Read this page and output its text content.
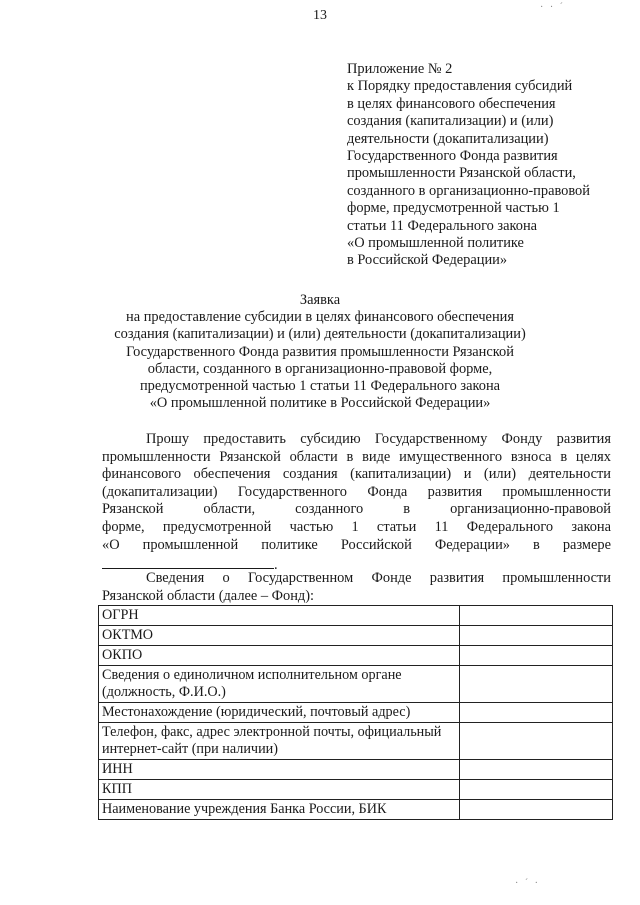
13
Приложение № 2
к Порядку предоставления субсидий
в целях финансового обеспечения
создания (капитализации) и (или)
деятельности (докапитализации)
Государственного Фонда развития
промышленности Рязанской области,
созданного в организационно-правовой
форме, предусмотренной частью 1
статьи 11 Федерального закона
«О промышленной политике
в Российской Федерации»
Заявка
на предоставление субсидии в целях финансового обеспечения
создания (капитализации) и (или) деятельности (докапитализации)
Государственного Фонда развития промышленности Рязанской
области, созданного в организационно-правовой форме,
предусмотренной частью 1 статьи 11 Федерального закона
«О промышленной политике в Российской Федерации»
Прошу предоставить субсидию Государственному Фонду развития
промышленности Рязанской области в виде имущественного взноса в целях
финансового обеспечения создания (капитализации) и (или) деятельности
(докапитализации) Государственного Фонда развития промышленности
Рязанской области, созданного в организационно-правовой
форме, предусмотренной частью 1 статьи 11 Федерального закона
«О промышленной политике Российской Федерации» в размере
.
Сведения о Государственном Фонде развития промышленности
Рязанской области (далее – Фонд):
ОГРН	
ОКТМО	
ОКПО	
Сведения о единоличном исполнительном органе (должность, Ф.И.О.)	
Местонахождение (юридический, почтовый адрес)	
Телефон, факс, адрес электронной почты, официальный интернет-сайт (при наличии)	
ИНН	
КПП	
Наименование учреждения Банка России, БИК	
· · ´
· ´ ·
